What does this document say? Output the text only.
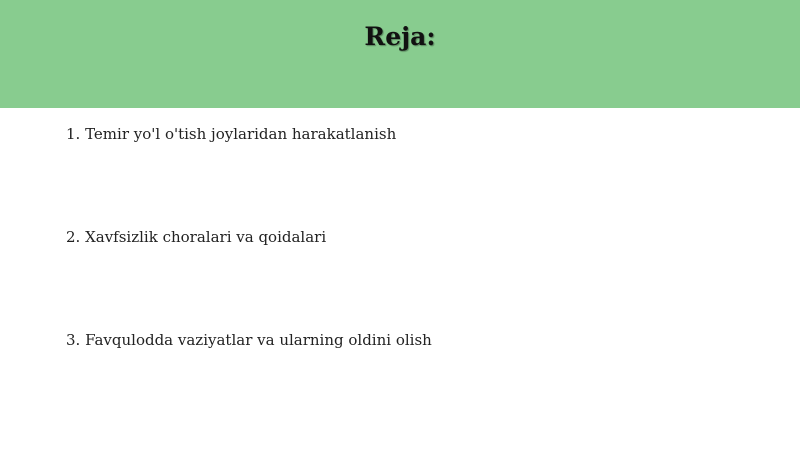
Reja:
1. Temir yo'l o'tish joylaridan harakatlanish
2. Xavfsizlik choralari va qoidalari
3. Favqulodda vaziyatlar va ularning oldini olish
